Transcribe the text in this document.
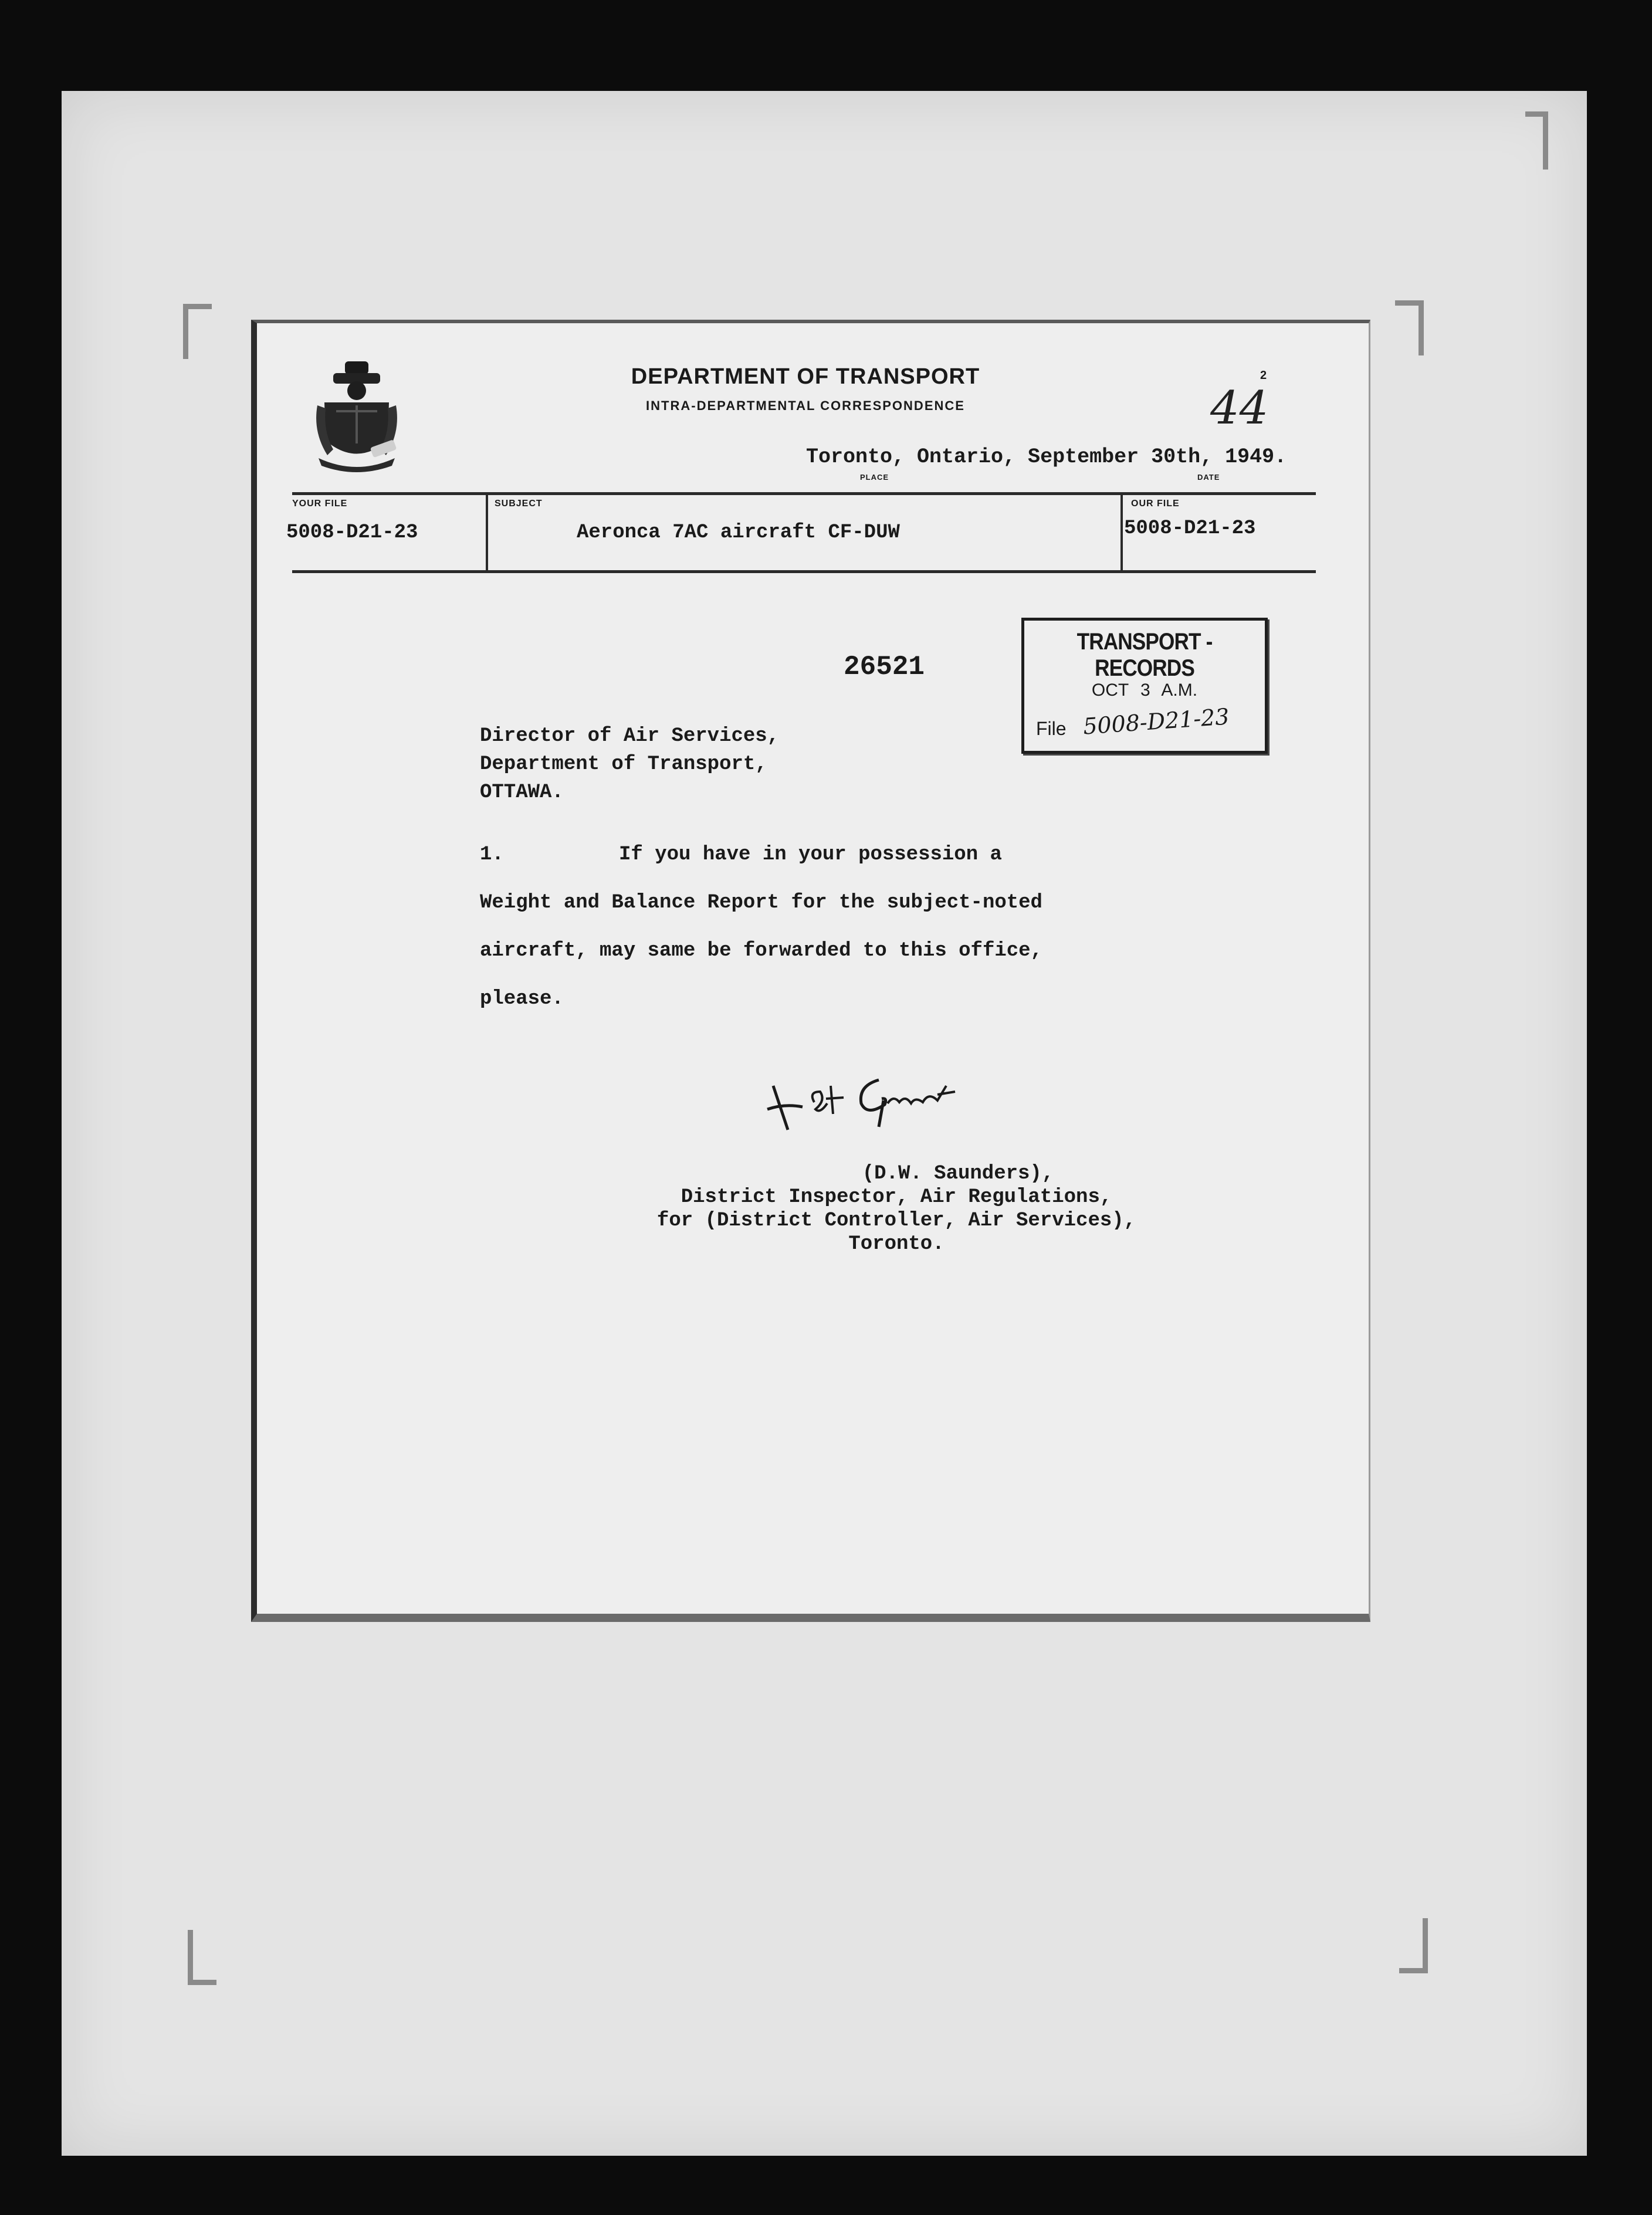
DEPARTMENT OF TRANSPORT
INTRA-DEPARTMENTAL CORRESPONDENCE	44
2
Toronto, Ontario, September 30th, 1949.
PLACE	DATE
YOUR FILE
5008-D21-23
SUBJECT
Aeronca 7AC aircraft CF-DUW
OUR FILE
5008-D21-23
26521
TRANSPORT - RECORDS
OCT 3 A.M.
File 5008-D21-23
Director of Air Services,
Department of Transport,
OTTAWA.
1.	If you have in your possession a
Weight and Balance Report for the subject-noted
aircraft, may same be forwarded to this office,
please.
(D.W. Saunders),
District Inspector, Air Regulations,
for (District Controller, Air Services),
Toronto.
